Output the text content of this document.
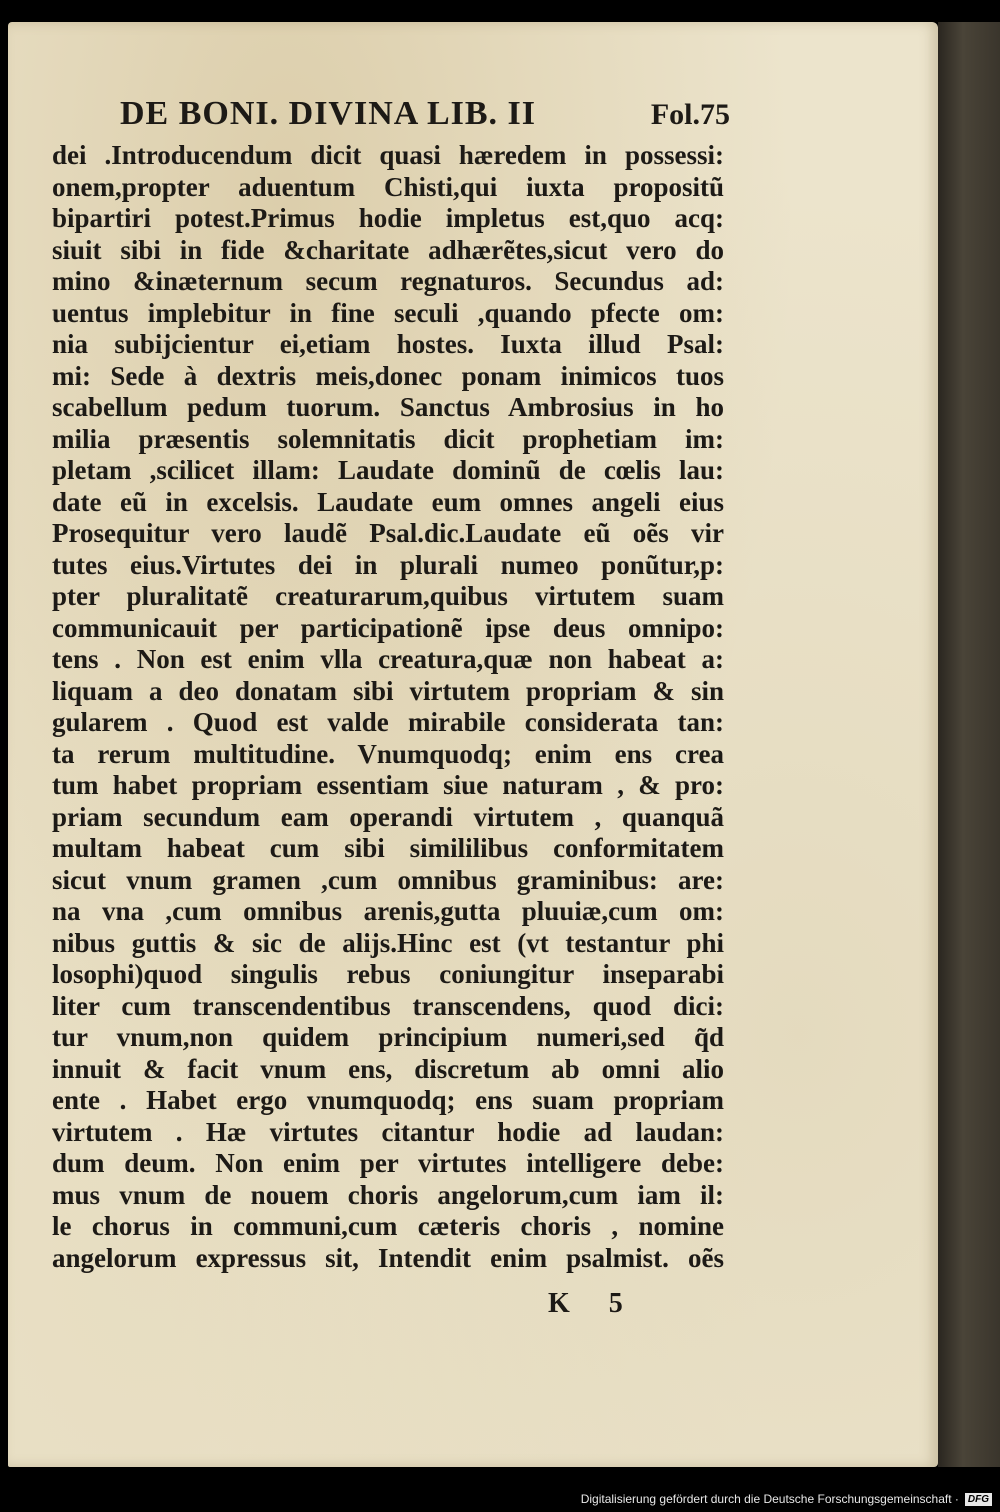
DE BONI. DIVINA LIB. II	Fol.75
dei .Introducendum dicit quasi hæredem in possessi:
onem,propter aduentum Chisti,qui iuxta propositũ
bipartiri potest.Primus hodie impletus est,quo acq:
siuit sibi in fide &charitate adhærẽtes,sicut vero do
mino &inæternum secum regnaturos. Secundus ad:
uentus implebitur in fine seculi ,quando pfecte om:
nia subijcientur ei,etiam hostes. Iuxta illud Psal:
mi: Sede à dextris meis,donec ponam inimicos tuos
scabellum pedum tuorum. Sanctus Ambrosius in ho
milia præsentis solemnitatis dicit prophetiam im:
pletam ,scilicet illam: Laudate dominũ de cœlis lau:
date eũ in excelsis. Laudate eum omnes angeli eius
Prosequitur vero laudẽ Psal.dic.Laudate eũ oẽs vir
tutes eius.Virtutes dei in plurali numeo ponũtur,p:
pter pluralitatẽ creaturarum,quibus virtutem suam
communicauit per participationẽ ipse deus omnipo:
tens . Non est enim vlla creatura,quæ non habeat a:
liquam a deo donatam sibi virtutem propriam & sin
gularem . Quod est valde mirabile considerata tan:
ta rerum multitudine. Vnumquodq; enim ens crea
tum habet propriam essentiam siue naturam , & pro:
priam secundum eam operandi virtutem , quanquã
multam habeat cum sibi simililibus conformitatem
sicut vnum gramen ,cum omnibus graminibus: are:
na vna ,cum omnibus arenis,gutta pluuiæ,cum om:
nibus guttis & sic de alijs.Hinc est (vt testantur phi
losophi)quod singulis rebus coniungitur inseparabi
liter cum transcendentibus transcendens, quod dici:
tur vnum,non quidem principium numeri,sed q̃d
innuit & facit vnum ens, discretum ab omni alio
ente . Habet ergo vnumquodq; ens suam propriam
virtutem . Hæ virtutes citantur hodie ad laudan:
dum deum. Non enim per virtutes intelligere debe:
mus vnum de nouem choris angelorum,cum iam il:
le chorus in communi,cum cæteris choris , nomine
angelorum expressus sit, Intendit enim psalmist. oẽs
K 5
Digitalisierung gefördert durch die Deutsche Forschungsgemeinschaft · DFG
